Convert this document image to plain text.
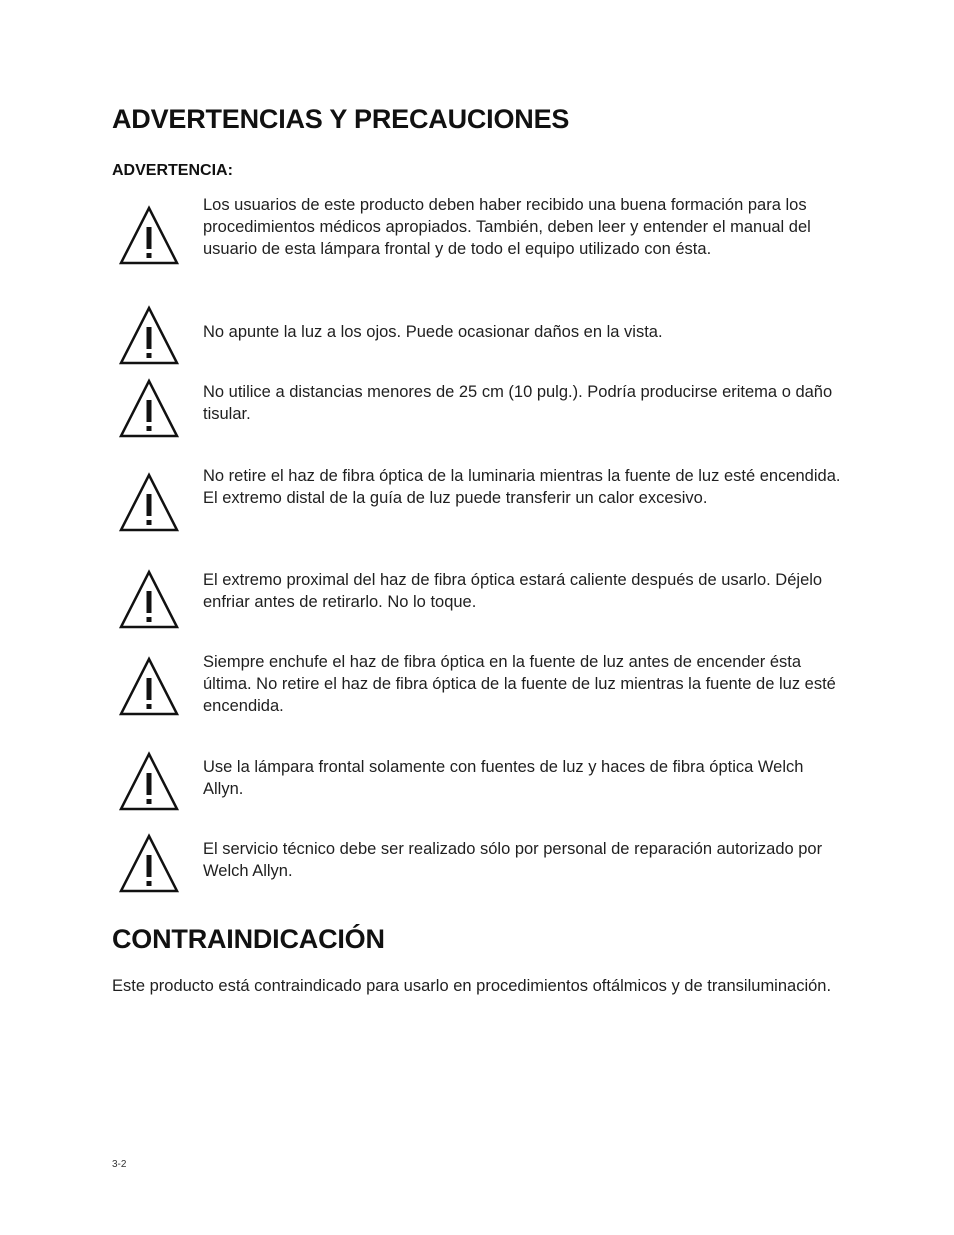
ADVERTENCIAS Y PRECAUCIONES
ADVERTENCIA:

Los usuarios de este producto deben haber recibido una buena formación para los procedimientos médicos apropiados. También, deben leer y entender el manual del usuario de esta lámpara frontal y de todo el equipo utilizado con ésta.

No apunte la luz a los ojos. Puede ocasionar daños en la vista.

No utilice a distancias menores de 25 cm (10 pulg.). Podría producirse eritema o daño tisular.

No retire el haz de fibra óptica de la luminaria mientras la fuente de luz esté encendida. El extremo distal de la guía de luz puede transferir un calor excesivo.

El extremo proximal del haz de fibra óptica estará caliente después de usarlo. Déjelo enfriar antes de retirarlo. No lo toque.

Siempre enchufe el haz de fibra óptica en la fuente de luz antes de encender ésta última. No retire el haz de fibra óptica de la fuente de luz mientras la fuente de luz esté encendida.

Use la lámpara frontal solamente con fuentes de luz y haces de fibra óptica Welch Allyn.

El servicio técnico debe ser realizado sólo por personal de reparación autorizado por Welch Allyn.

CONTRAINDICACIÓN

Este producto está contraindicado para usarlo en procedimientos oftálmicos y de transiluminación.

3-2
